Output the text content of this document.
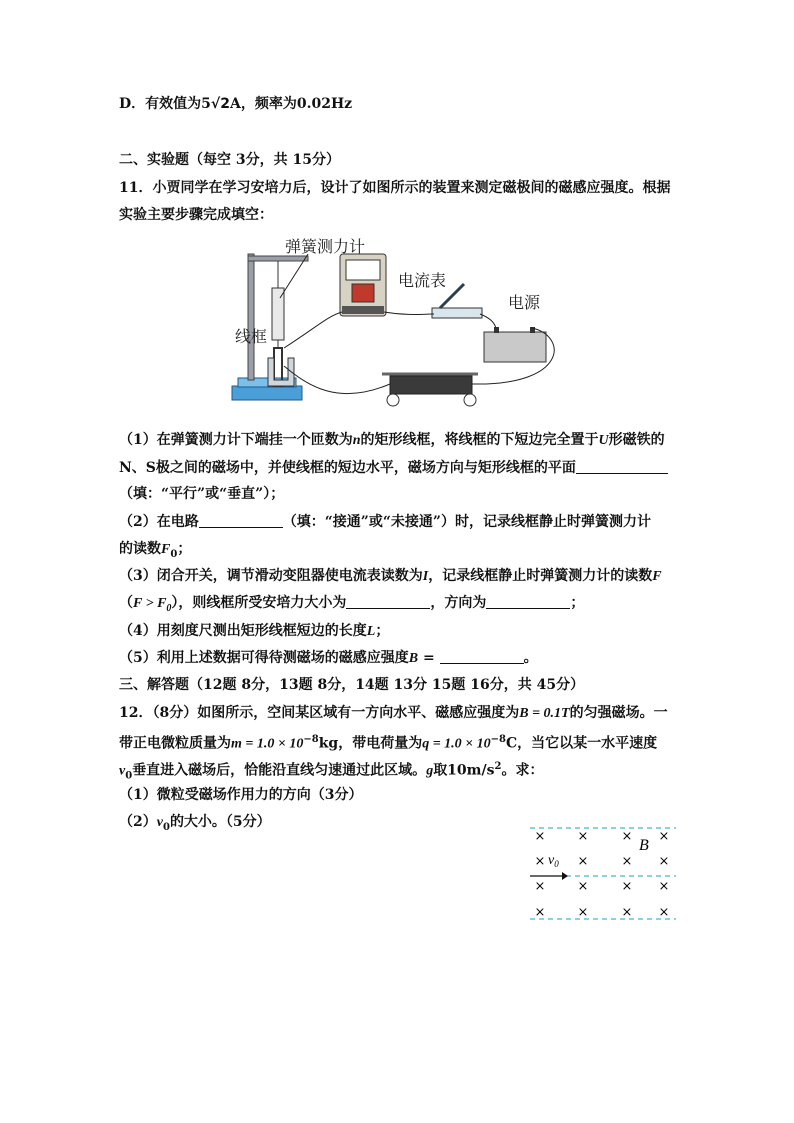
D．有效值为5√2A，频率为0.02Hz
二、实验题（每空 3分，共 15分）
11．小贾同学在学习安培力后，设计了如图所示的装置来测定磁极间的磁感应强度。根据
实验主要步骤完成填空：
弹簧测力计
电流表
电源
线框
（1）在弹簧测力计下端挂一个匝数为n的矩形线框，将线框的下短边完全置于U形磁铁的
N、S极之间的磁场中，并使线框的短边水平，磁场方向与矩形线框的平面
（填：“平行”或“垂直”）；
（2）在电路	（填：“接通”或“未接通”）时，记录线框静止时弹簧测力计
的读数$F_0$；
（3）闭合开关，调节滑动变阻器使电流表读数为I，记录线框静止时弹簧测力计的读数F
$(F > F_0)$，则线框所受安培力大小为	，方向为	；
（4）用刻度尺测出矩形线框短边的长度L；
（5）利用上述数据可得待测磁场的磁感应强度B =	。
三、解答题（12题 8分，13题 8分，14题 13分 15题 16分，共 45分）
12．（8分）如图所示，空间某区域有一方向水平、磁感应强度为B = 0.1T的匀强磁场。一
带正电微粒质量为$m = 1.0 \times 10^{-8}kg$，带电荷量为$q = 1.0 \times 10^{-8}C$，当它以某一水平速度
$v_0$垂直进入磁场后，恰能沿直线匀速通过此区域。g取$10m/s^2$。求：
（1）微粒受磁场作用力的方向（3分）
$(2)v_0$的大小。（5分）
× ×	× ×
×	× ×
× ×	× ×
× ×	× ×
× $v_0$
B
